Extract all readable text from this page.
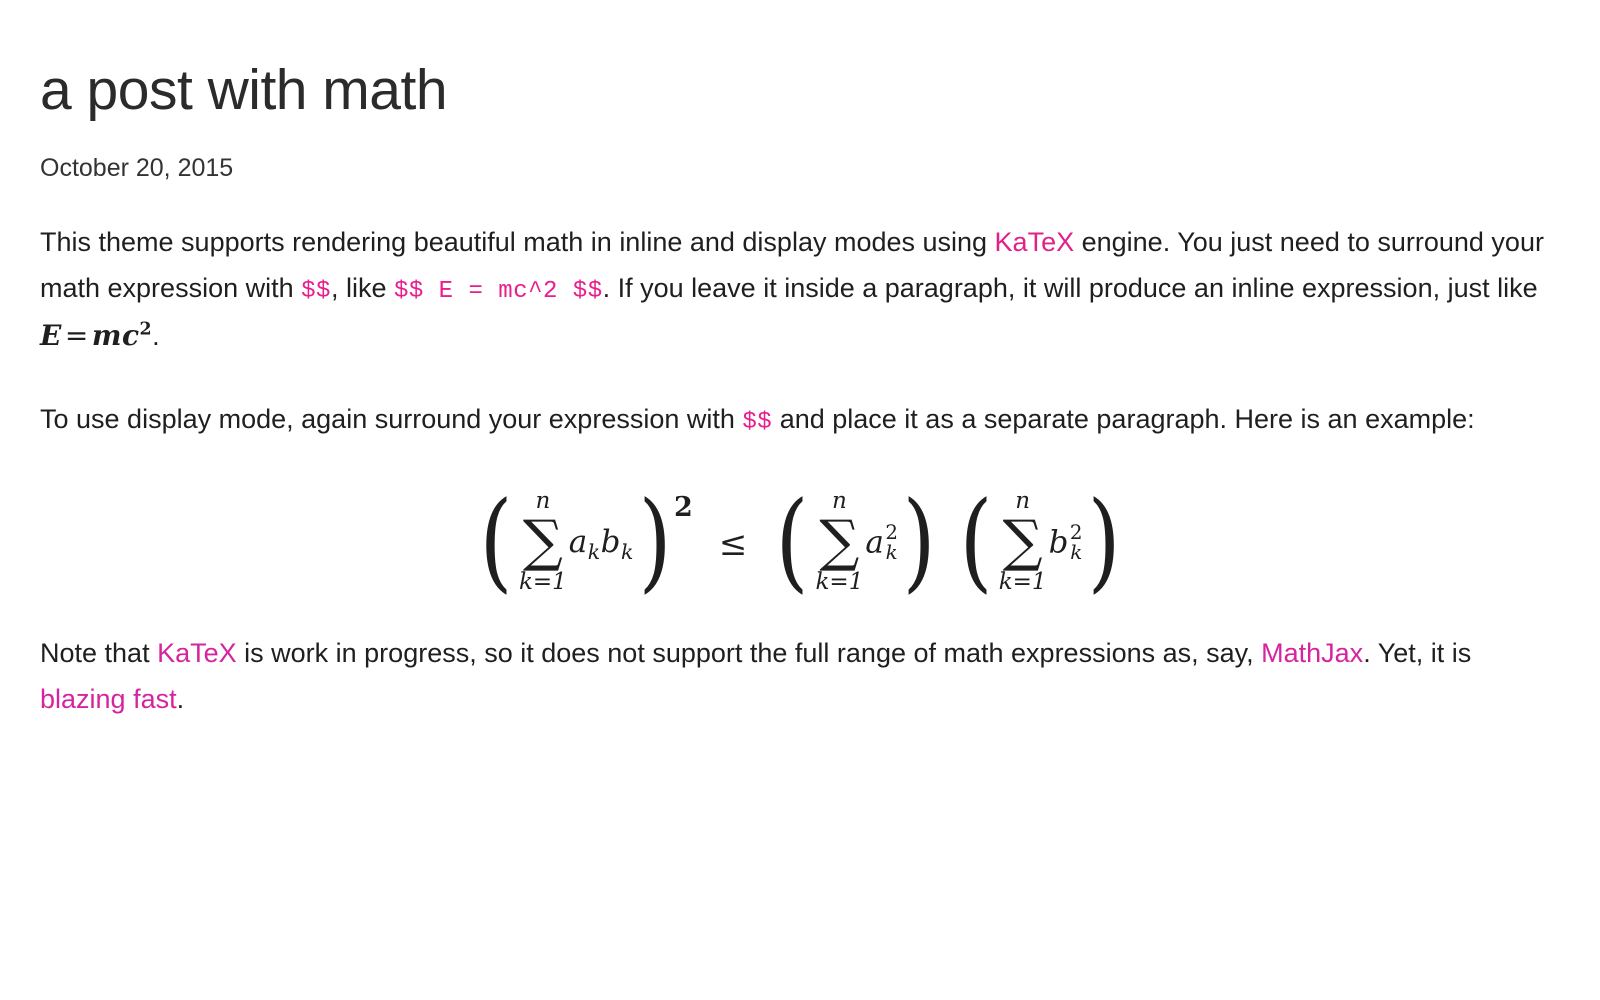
a post with math
October 20, 2015

This theme supports rendering beautiful math in inline and display modes using KaTeX engine. You just need to surround your math expression with $$, like $$ E = mc^2 $$. If you leave it inside a paragraph, it will produce an inline expression, just like $E = mc^2$.

To use display mode, again surround your expression with $$ and place it as a separate paragraph. Here is an example:

( n
∑
k=1
$a_k$ $b_k$ ) 2
≤ ( n
∑
k=1
a 2
k ) ( n
∑
k=1
b 2
k )

Note that KaTeX is work in progress, so it does not support the full range of math expressions as, say, MathJax. Yet, it is blazing fast.
